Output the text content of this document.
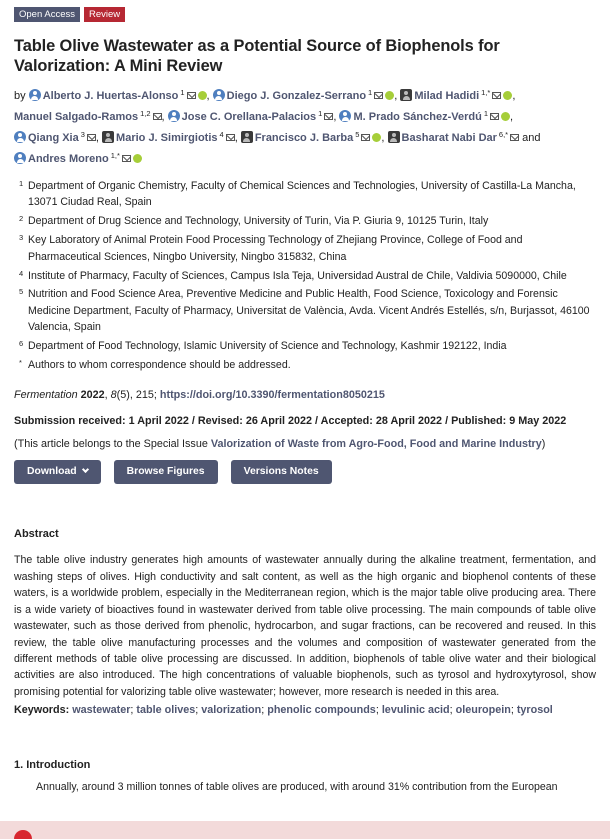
Open Access	Review
Table Olive Wastewater as a Potential Source of Biophenols for Valorization: A Mini Review
by Alberto J. Huertas-Alonso $^1$ , Diego J. Gonzalez-Serrano $^1$ , Milad Hadidi $^{1,*}$ , Manuel Salgado-Ramos $^{1,2}$ , Jose C. Orellana-Palacios $^1$ , M. Prado Sánchez-Verdú $^1$ , Qiang Xia $^3$ , Mario J. Simirgiotis $^4$ , Francisco J. Barba $^5$ , Basharat Nabi Dar $^{6,*}$ and Andres Moreno $^{1,*}$
1 Department of Organic Chemistry, Faculty of Chemical Sciences and Technologies, University of Castilla-La Mancha, 13071 Ciudad Real, Spain
2 Department of Drug Science and Technology, University of Turin, Via P. Giuria 9, 10125 Turin, Italy
3 Key Laboratory of Animal Protein Food Processing Technology of Zhejiang Province, College of Food and Pharmaceutical Sciences, Ningbo University, Ningbo 315832, China
4 Institute of Pharmacy, Faculty of Sciences, Campus Isla Teja, Universidad Austral de Chile, Valdivia 5090000, Chile
5 Nutrition and Food Science Area, Preventive Medicine and Public Health, Food Science, Toxicology and Forensic Medicine Department, Faculty of Pharmacy, Universitat de València, Avda. Vicent Andrés Estellés, s/n, Burjassot, 46100 Valencia, Spain
6 Department of Food Technology, Islamic University of Science and Technology, Kashmir 192122, India
* Authors to whom correspondence should be addressed.
Fermentation 2022, 8(5), 215; https://doi.org/10.3390/fermentation8050215
Submission received: 1 April 2022 / Revised: 26 April 2022 / Accepted: 28 April 2022 / Published: 9 May 2022
(This article belongs to the Special Issue Valorization of Waste from Agro-Food, Food and Marine Industry)
Download	Browse Figures	Versions Notes
Abstract

The table olive industry generates high amounts of wastewater annually during the alkaline treatment, fermentation, and washing steps of olives. High conductivity and salt content, as well as the high organic and biophenol contents of these waters, is a worldwide problem, especially in the Mediterranean region, which is the major table olive producing area. There is a wide variety of bioactives found in wastewater derived from table olive processing. The main compounds of table olive wastewater, such as those derived from phenolic, hydrocarbon, and sugar fractions, can be recovered and reused. In this review, the table olive manufacturing processes and the volumes and composition of wastewater generated from the different methods of table olive processing are discussed. In addition, biophenols of table olive water and their biological activities are also introduced. The high concentrations of valuable biophenols, such as tyrosol and hydroxytyrosol, show promising potential for valorizing table olive wastewater; however, more research is needed in this area.

Keywords: wastewater; table olives; valorization; phenolic compounds; levulinic acid; oleuropein; tyrosol
1. Introduction

Annually, around 3 million tonnes of table olives are produced, with around 31% contribution from the European
